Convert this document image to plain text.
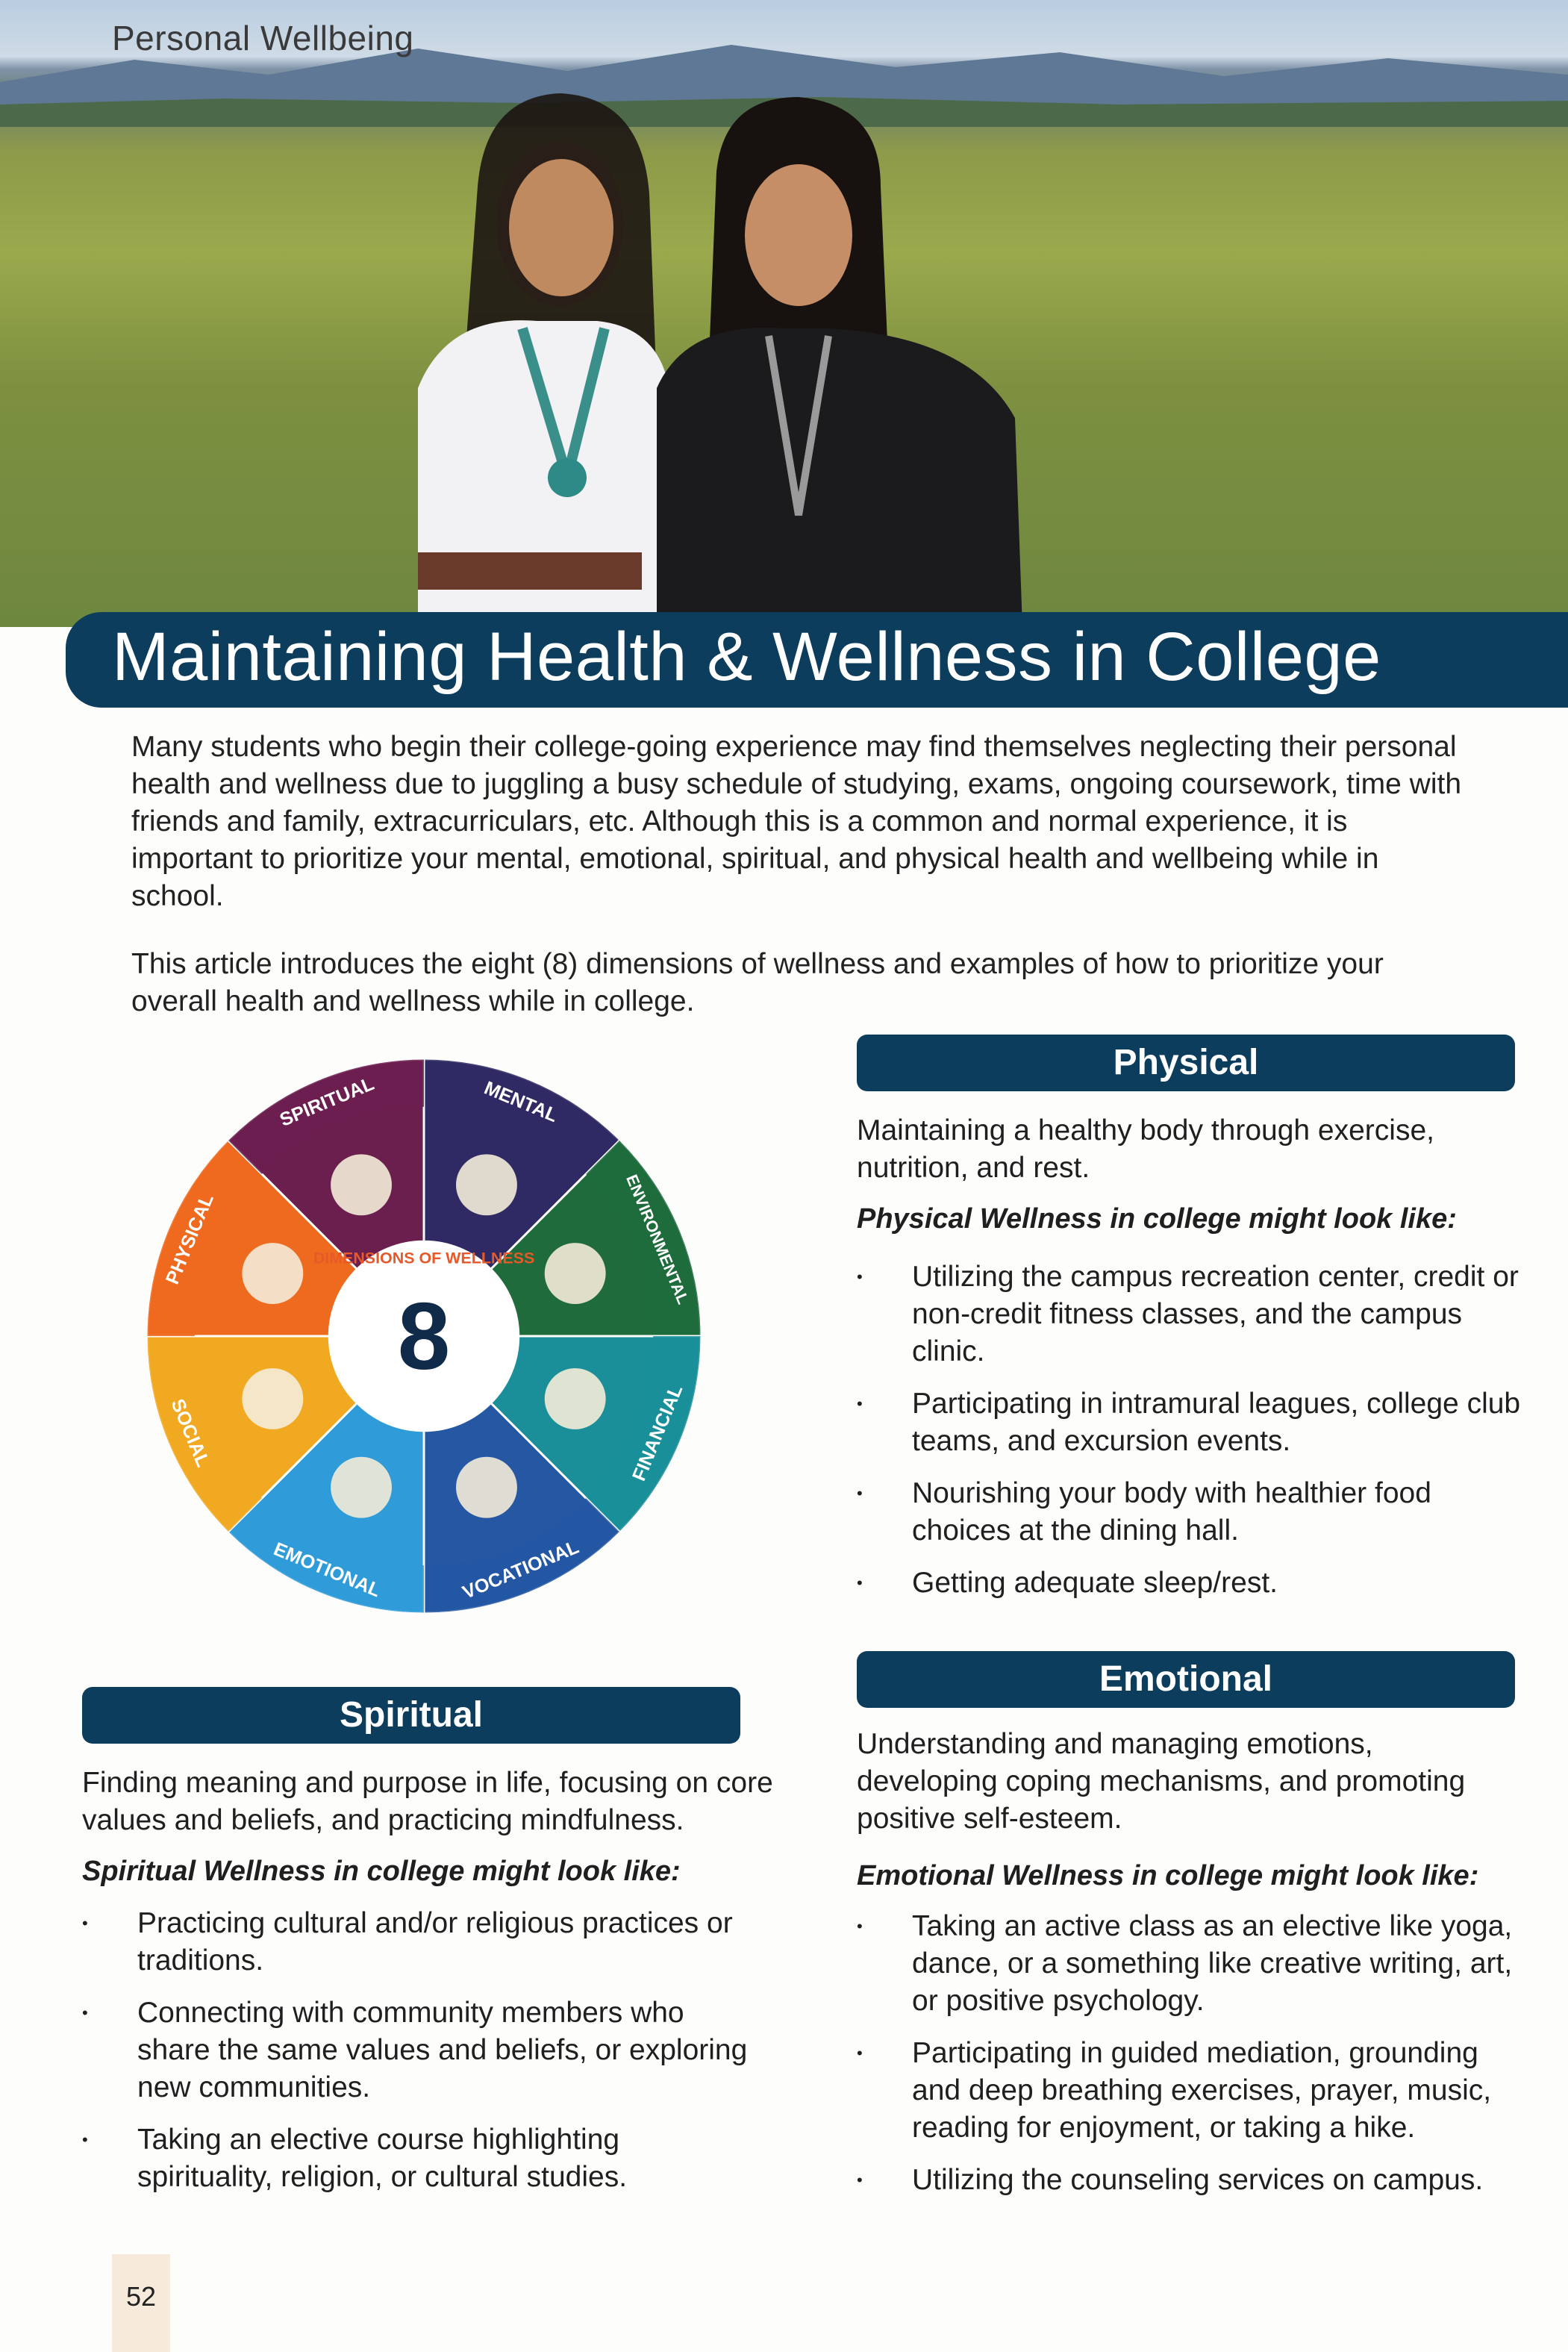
Personal Wellbeing
Maintaining Health & Wellness in College
Many students who begin their college-going experience may find themselves neglecting their personal health and wellness due to juggling a busy schedule of studying, exams, ongoing coursework, time with friends and family, extracurriculars, etc. Although this is a common and normal experience, it is important to prioritize your mental, emotional, spiritual, and physical health and wellbeing while in school.
This article introduces the eight (8) dimensions of wellness and examples of how to prioritize your overall health and wellness while in college.
8
DIMENSIONS OF WELLNESS
MENTAL
ENVIRONMENTAL
FINANCIAL
VOCATIONAL
EMOTIONAL
SOCIAL
PHYSICAL
SPIRITUAL
Physical
Maintaining a healthy body through exercise, nutrition, and rest.
Physical Wellness in college might look like:
•	Utilizing the campus recreation center, credit or non-credit fitness classes, and the campus clinic.
•	Participating in intramural leagues, college club teams, and excursion events.
•	Nourishing your body with healthier food choices at the dining hall.
•	Getting adequate sleep/rest.
Emotional
Understanding and managing emotions, developing coping mechanisms, and promoting positive self-esteem.
Emotional Wellness in college might look like:
•	Taking an active class as an elective like yoga, dance, or a something like creative writing, art, or positive psychology.
•	Participating in guided mediation, grounding and deep breathing exercises, prayer, music, reading for enjoyment, or taking a hike.
•	Utilizing the counseling services on campus.
Spiritual
Finding meaning and purpose in life, focusing on core values and beliefs, and practicing mindfulness.
Spiritual Wellness in college might look like:
•	Practicing cultural and/or religious practices or traditions.
•	Connecting with community members who share the same values and beliefs, or exploring new communities.
•	Taking an elective course highlighting spirituality, religion, or cultural studies.
52
